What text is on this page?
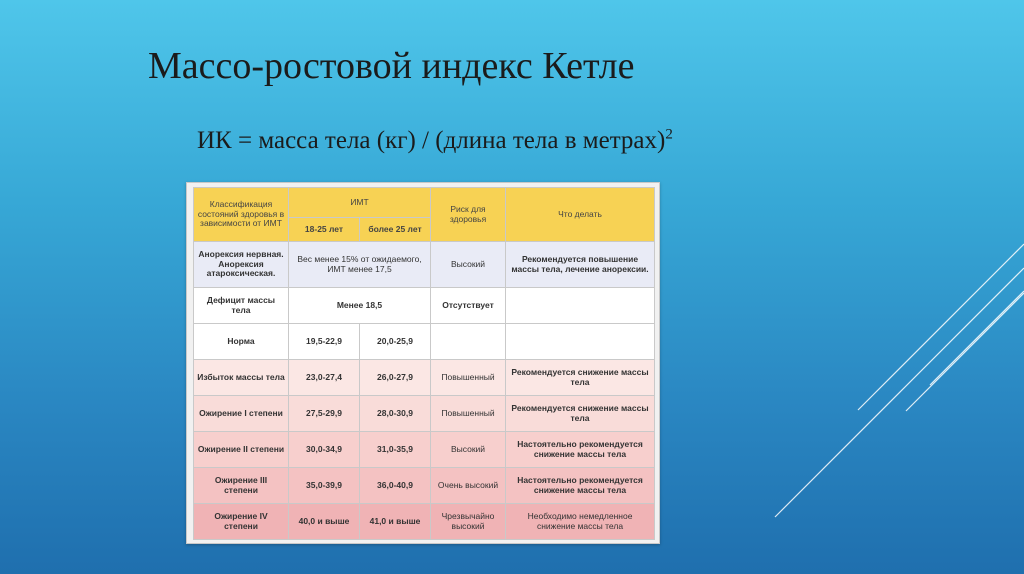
Массо-ростовой индекс Кетле
ИК = масса тела (кг) / (длина тела в метрах)$^2$
Классификация состояний здоровья в зависимости от ИМТ	ИМТ		Риск для здоровья	Что делать
	18-25 лет	более 25 лет		
Анорексия нервная. Анорексия атароксическая.	Вес менее 15% от ожидаемого, ИМТ менее 17,5		Высокий	Рекомендуется повышение массы тела, лечение анорексии.
Дефицит массы тела	Менее 18,5		Отсутствует	
Норма	19,5-22,9	20,0-25,9		
Избыток массы тела	23,0-27,4	26,0-27,9	Повышенный	Рекомендуется снижение массы тела
Ожирение I степени	27,5-29,9	28,0-30,9	Повышенный	Рекомендуется снижение массы тела
Ожирение II степени	30,0-34,9	31,0-35,9	Высокий	Настоятельно рекомендуется снижение массы тела
Ожирение III степени	35,0-39,9	36,0-40,9	Очень высокий	Настоятельно рекомендуется снижение массы тела
Ожирение IV степени	40,0 и выше	41,0 и выше	Чрезвычайно высокий	Необходимо немедленное снижение массы тела
